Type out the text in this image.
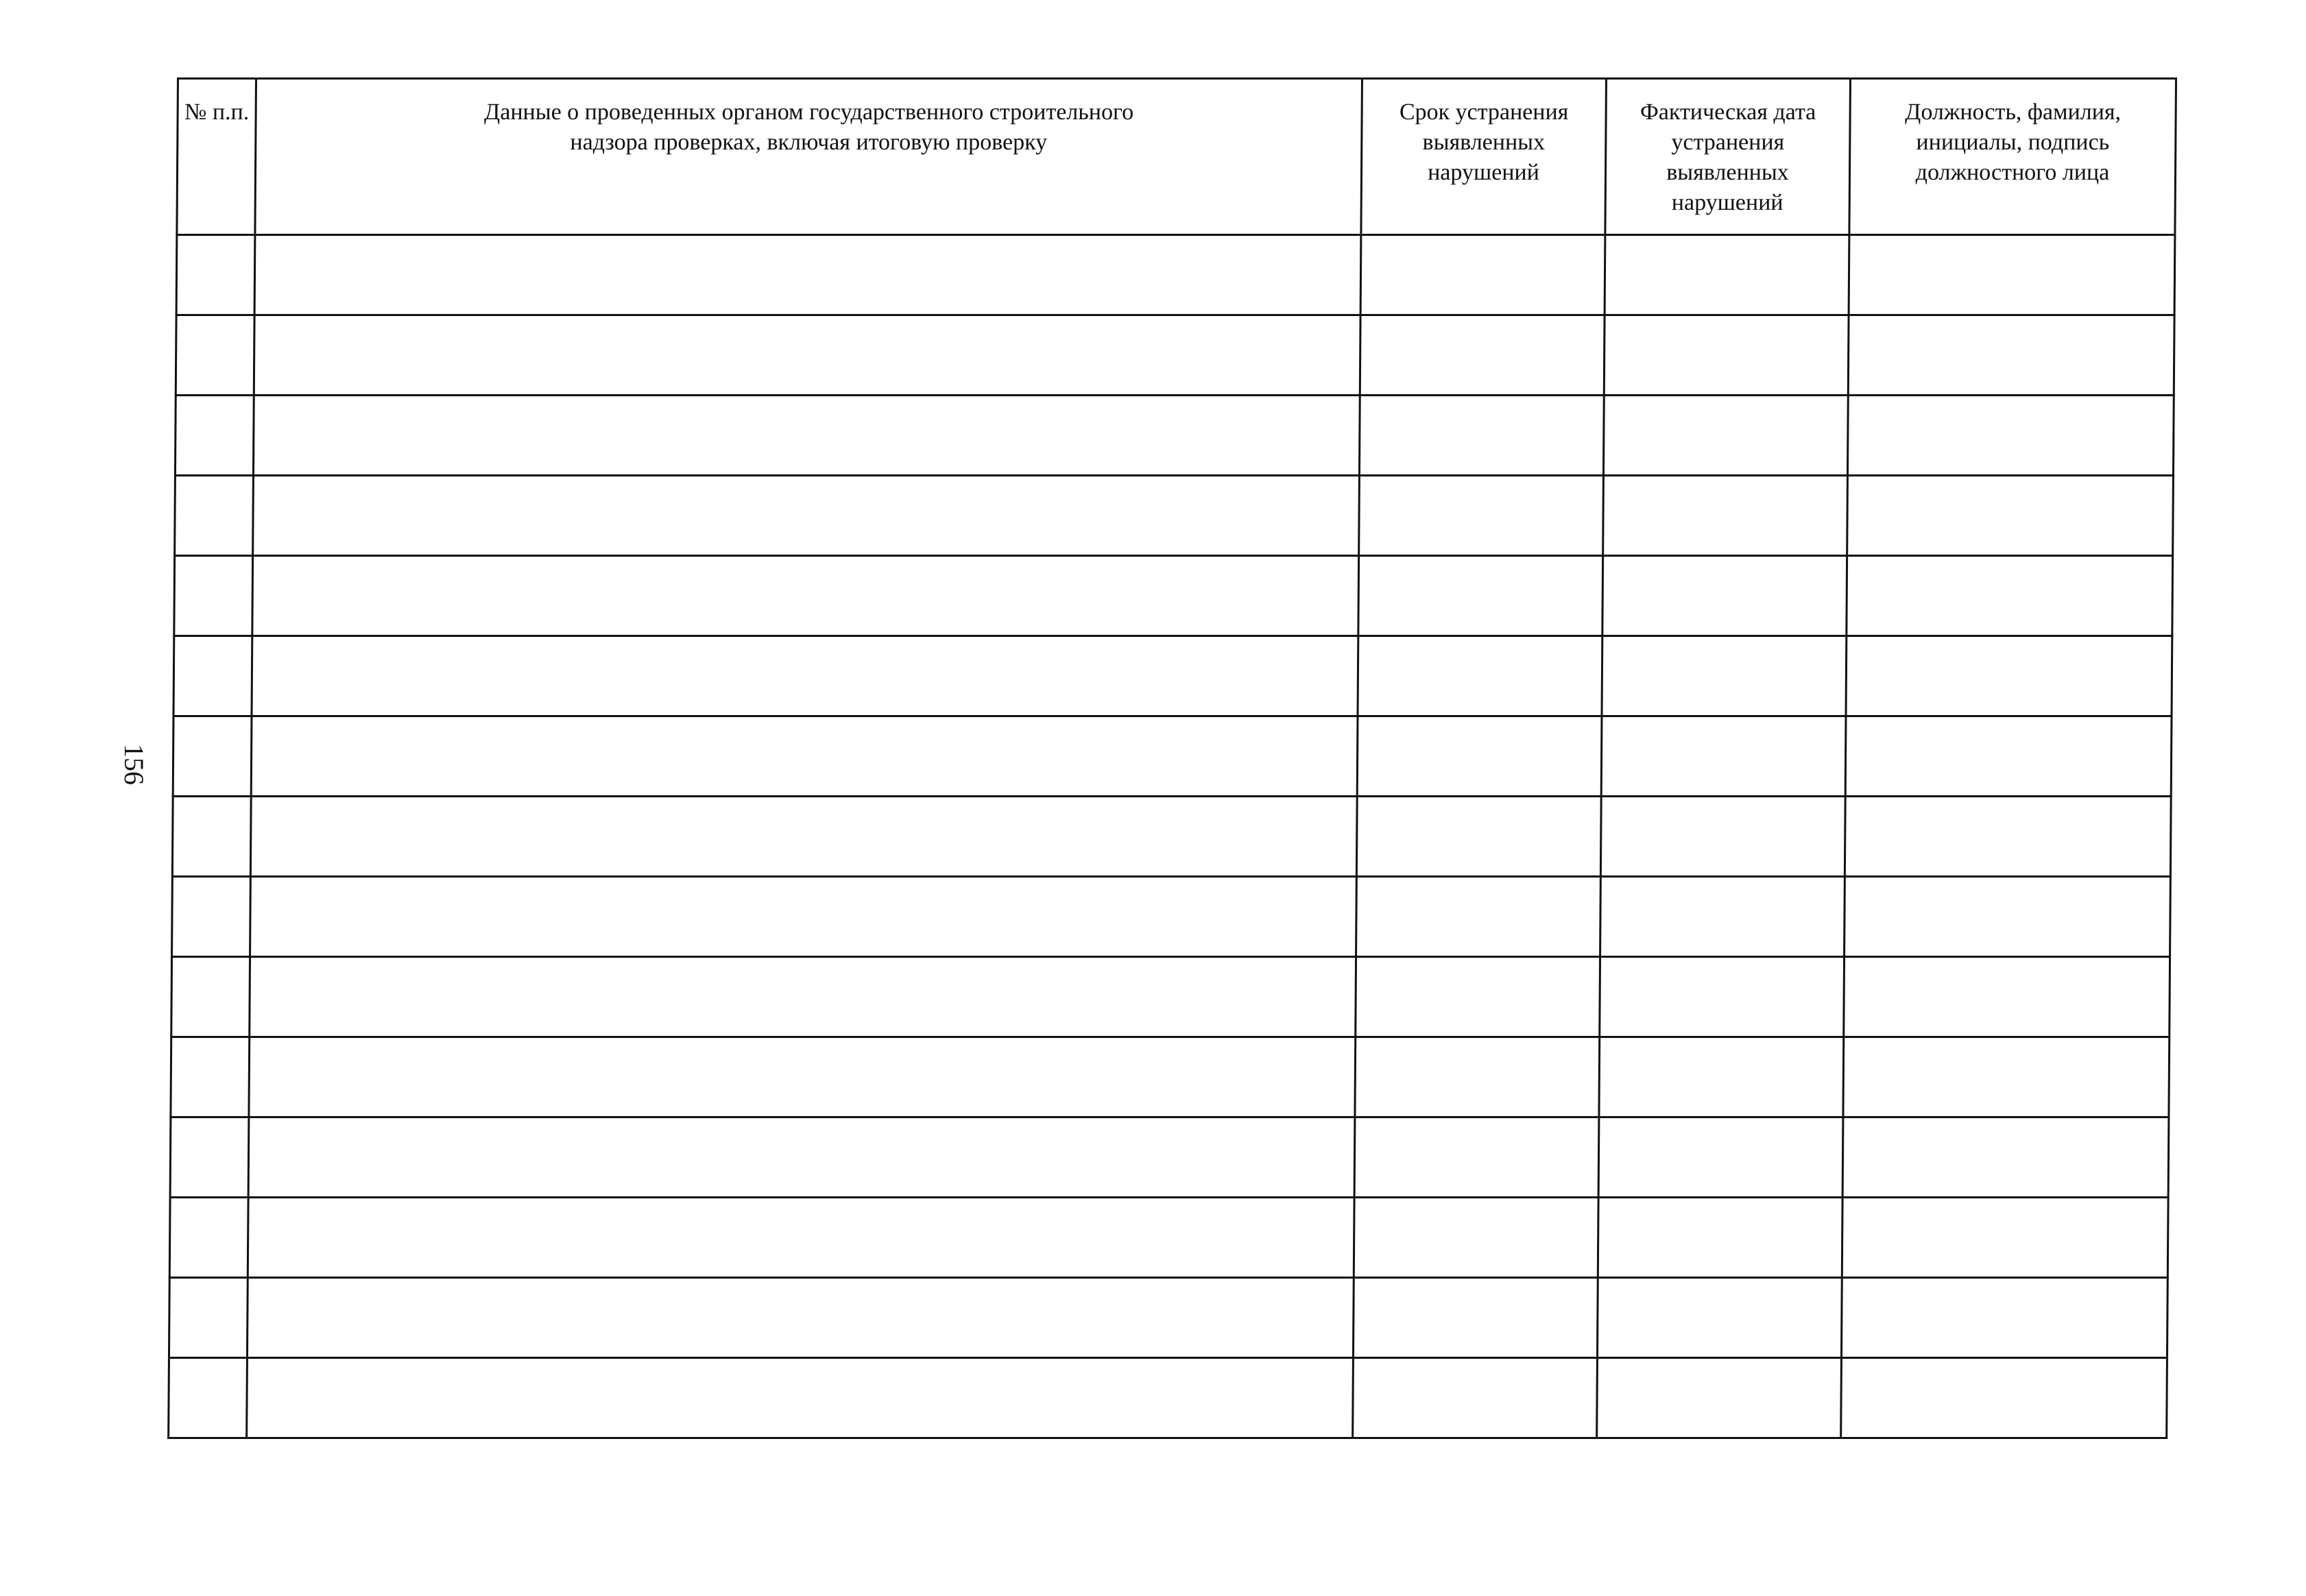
156
№ п.п.	Данные о проведенных органом государственного строительного надзора проверках, включая итоговую проверку	Срок устранения выявленных нарушений	Фактическая дата устранения выявленных нарушений	Должность, фамилия, инициалы, подпись должностного лица
